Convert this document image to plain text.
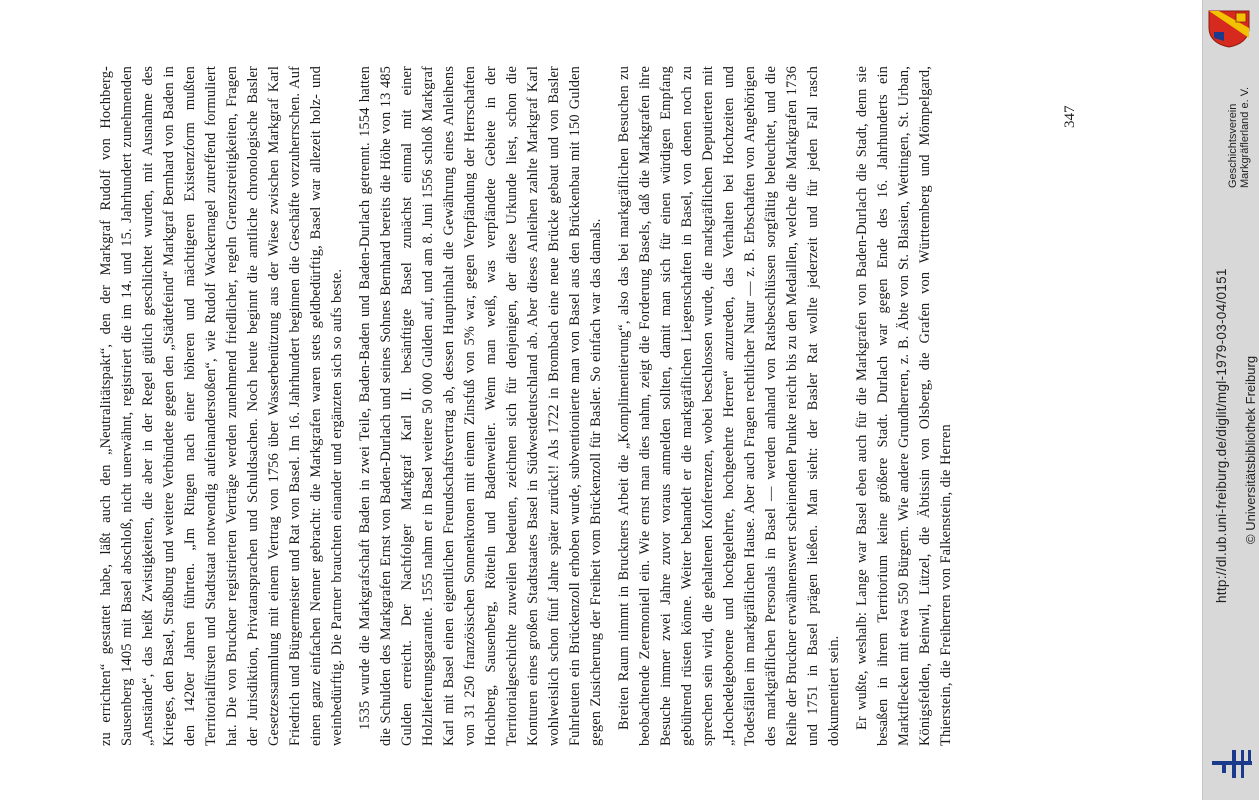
zu errichten“ gestattet habe, läßt auch den „Neutralitätspakt“, den der Markgraf Rudolf von Hochberg-Sausenberg 1405 mit Basel abschloß, nicht unerwähnt, registriert die im 14. und 15. Jahrhundert zunehmenden „Anstände“, das heißt Zwistigkeiten, die aber in der Regel gütlich geschlichtet wurden, mit Ausnahme des Krieges, den Basel, Straßburg und weitere Verbündete gegen den „Städtefeind“ Markgraf Bernhard von Baden in den 1420er Jahren führten. „Im Ringen nach einer höheren und mächtigeren Existenzform mußten Territorialfürsten und Stadtstaat notwendig aufeinanderstoßen“, wie Rudolf Wackernagel zutreffend formuliert hat. Die von Bruckner registrierten Verträge werden zunehmend friedlicher, regeln Grenzstreitigkeiten, Fragen der Jurisdiktion, Privatansprachen und Schuldsachen. Noch heute beginnt die amtliche chronologische Basler Gesetzessammlung mit einem Vertrag von 1756 über Wasserbenützung aus der Wiese zwischen Markgraf Karl Friedrich und Bürgermeister und Rat von Basel. Im 16. Jahrhundert beginnen die Geschäfte vorzuherrschen. Auf einen ganz einfachen Nenner gebracht: die Markgrafen waren stets geldbedürftig, Basel war allezeit holz- und weinbedürftig. Die Partner brauchten einander und ergänzten sich so aufs beste. 1535 wurde die Markgrafschaft Baden in zwei Teile, Baden-Baden und Baden-Durlach getrennt. 1554 hatten die Schulden des Markgrafen Ernst von Baden-Durlach und seines Sohnes Bernhard bereits die Höhe von 13 485 Gulden erreicht. Der Nachfolger Markgraf Karl II. besänftigte Basel zunächst einmal mit einer Holzlieferungsgarantie. 1555 nahm er in Basel weitere 50 000 Gulden auf, und am 8. Juni 1556 schloß Markgraf Karl mit Basel einen eigentlichen Freundschaftsvertrag ab, dessen Hauptinhalt die Gewährung eines Anleihens von 31 250 französischen Sonnenkronen mit einem Zinsfuß von 5% war, gegen Verpfändung der Herrschaften Hochberg, Sausenberg, Rötteln und Badenweiler. Wenn man weiß, was verpfändete Gebiete in der Territorialgeschichte zuweilen bedeuten, zeichnen sich für denjenigen, der diese Urkunde liest, schon die Konturen eines großen Stadtstaates Basel in Südwestdeutschland ab. Aber dieses Anleihen zahlte Markgraf Karl wohlweislich schon fünf Jahre später zurück!! Als 1722 in Brombach eine neue Brücke gebaut und von Basler Fuhrleuten ein Brückenzoll erhoben wurde, subventionierte man von Basel aus den Brückenbau mit 150 Gulden gegen Zusicherung der Freiheit vom Brückenzoll für Basler. So einfach war das damals. Breiten Raum nimmt in Bruckners Arbeit die „Komplimentierung“, also das bei markgräflichen Besuchen zu beobachtende Zeremoniell ein. Wie ernst man dies nahm, zeigt die Forderung Basels, daß die Markgrafen ihre Besuche immer zwei Jahre zuvor voraus anmelden sollten, damit man sich für einen würdigen Empfang gebührend rüsten könne. Weiter behandelt er die markgräflichen Liegenschaften in Basel, von denen noch zu sprechen sein wird, die gehaltenen Konferenzen, wobei beschlossen wurde, die markgräflichen Deputierten mit „Hochedelgeborene und hochgelehrte, hochgeehrte Herren“ anzureden, das Verhalten bei Hochzeiten und Todesfällen im markgräflichen Hause. Aber auch Fragen rechtlicher Natur — z. B. Erbschaften von Angehörigen des markgräflichen Personals in Basel — werden anhand von Ratsbeschlüssen sorgfältig beleuchtet, und die Reihe der Bruckner erwähnenswert scheinenden Punkte reicht bis zu den Medaillen, welche die Markgrafen 1736 und 1751 in Basel prägen ließen. Man sieht: der Basler Rat wollte jederzeit und für jeden Fall rasch dokumentiert sein. Er wußte, weshalb: Lange war Basel eben auch für die Markgrafen von Baden-Durlach die Stadt, denn sie besaßen in ihrem Territorium keine größere Stadt. Durlach war gegen Ende des 16. Jahrhunderts ein Marktflecken mit etwa 550 Bürgern. Wie andere Grundherren, z. B. Äbte von St. Blasien, Wettingen, St. Urban, Königsfelden, Beinwil, Lützel, die Äbtissin von Olsberg, die Grafen von Württemberg und Mömpelgard, Thierstein, die Freiherren von Falkenstein, die Herren

347	Geschichtsverein Markgräflerland e. V.
http://dl.ub.uni-freiburg.de/diglit/mgl-1979-03-04/0151 © Universitätsbibliothek Freiburg
